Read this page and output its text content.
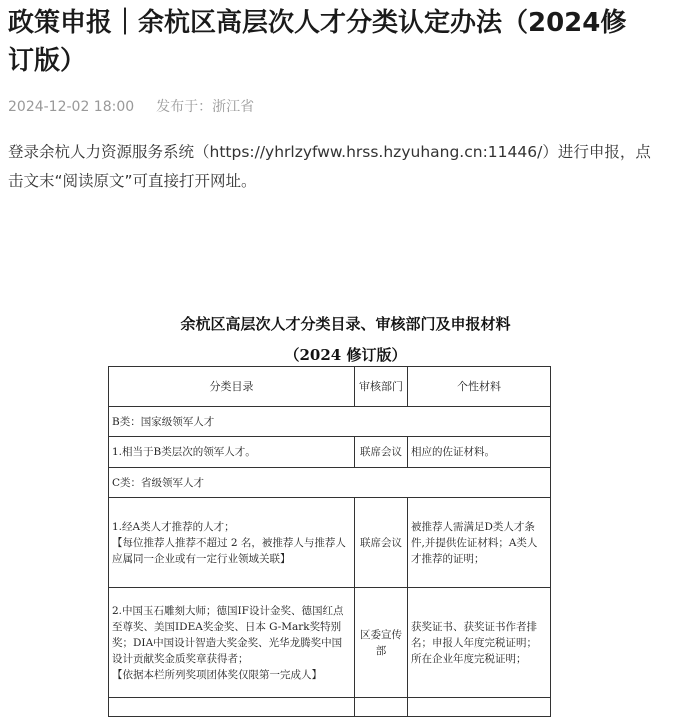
政策申报｜余杭区高层次人才分类认定办法（2024修订版）
2024-12-02 18:00 发布于：浙江省

登录余杭人力资源服务系统（https://yhrlzyfww.hrss.hzyuhang.cn:11446/）进行申报，点击文末“阅读原文”可直接打开网址。

余杭区高层次人才分类目录、审核部门及申报材料

（2024 修订版）

分类目录	审核部门	个性材料
B类：国家级领军人才		
1.相当于B类层次的领军人才。	联席会议	相应的佐证材料。
C类：省级领军人才		

1.经A类人才推荐的人才；
【每位推荐人推荐不超过 2 名，被推荐人与推荐人应属同一企业或有一定行业领域关联】	联席会议	被推荐人需满足D类人才条件,并提供佐证材料；A类人才推荐的证明；

2.中国玉石雕刻大师；德国IF设计金奖、德国红点至尊奖、美国IDEA奖金奖、日本 G-Mark奖特别奖；DIA中国设计智造大奖金奖、光华龙腾奖中国设计贡献奖金质奖章获得者；
【依据本栏所列奖项团体奖仅限第一完成人】	区委宣传部	获奖证书、获奖证书作者排名；申报人年度完税证明；所在企业年度完税证明；
